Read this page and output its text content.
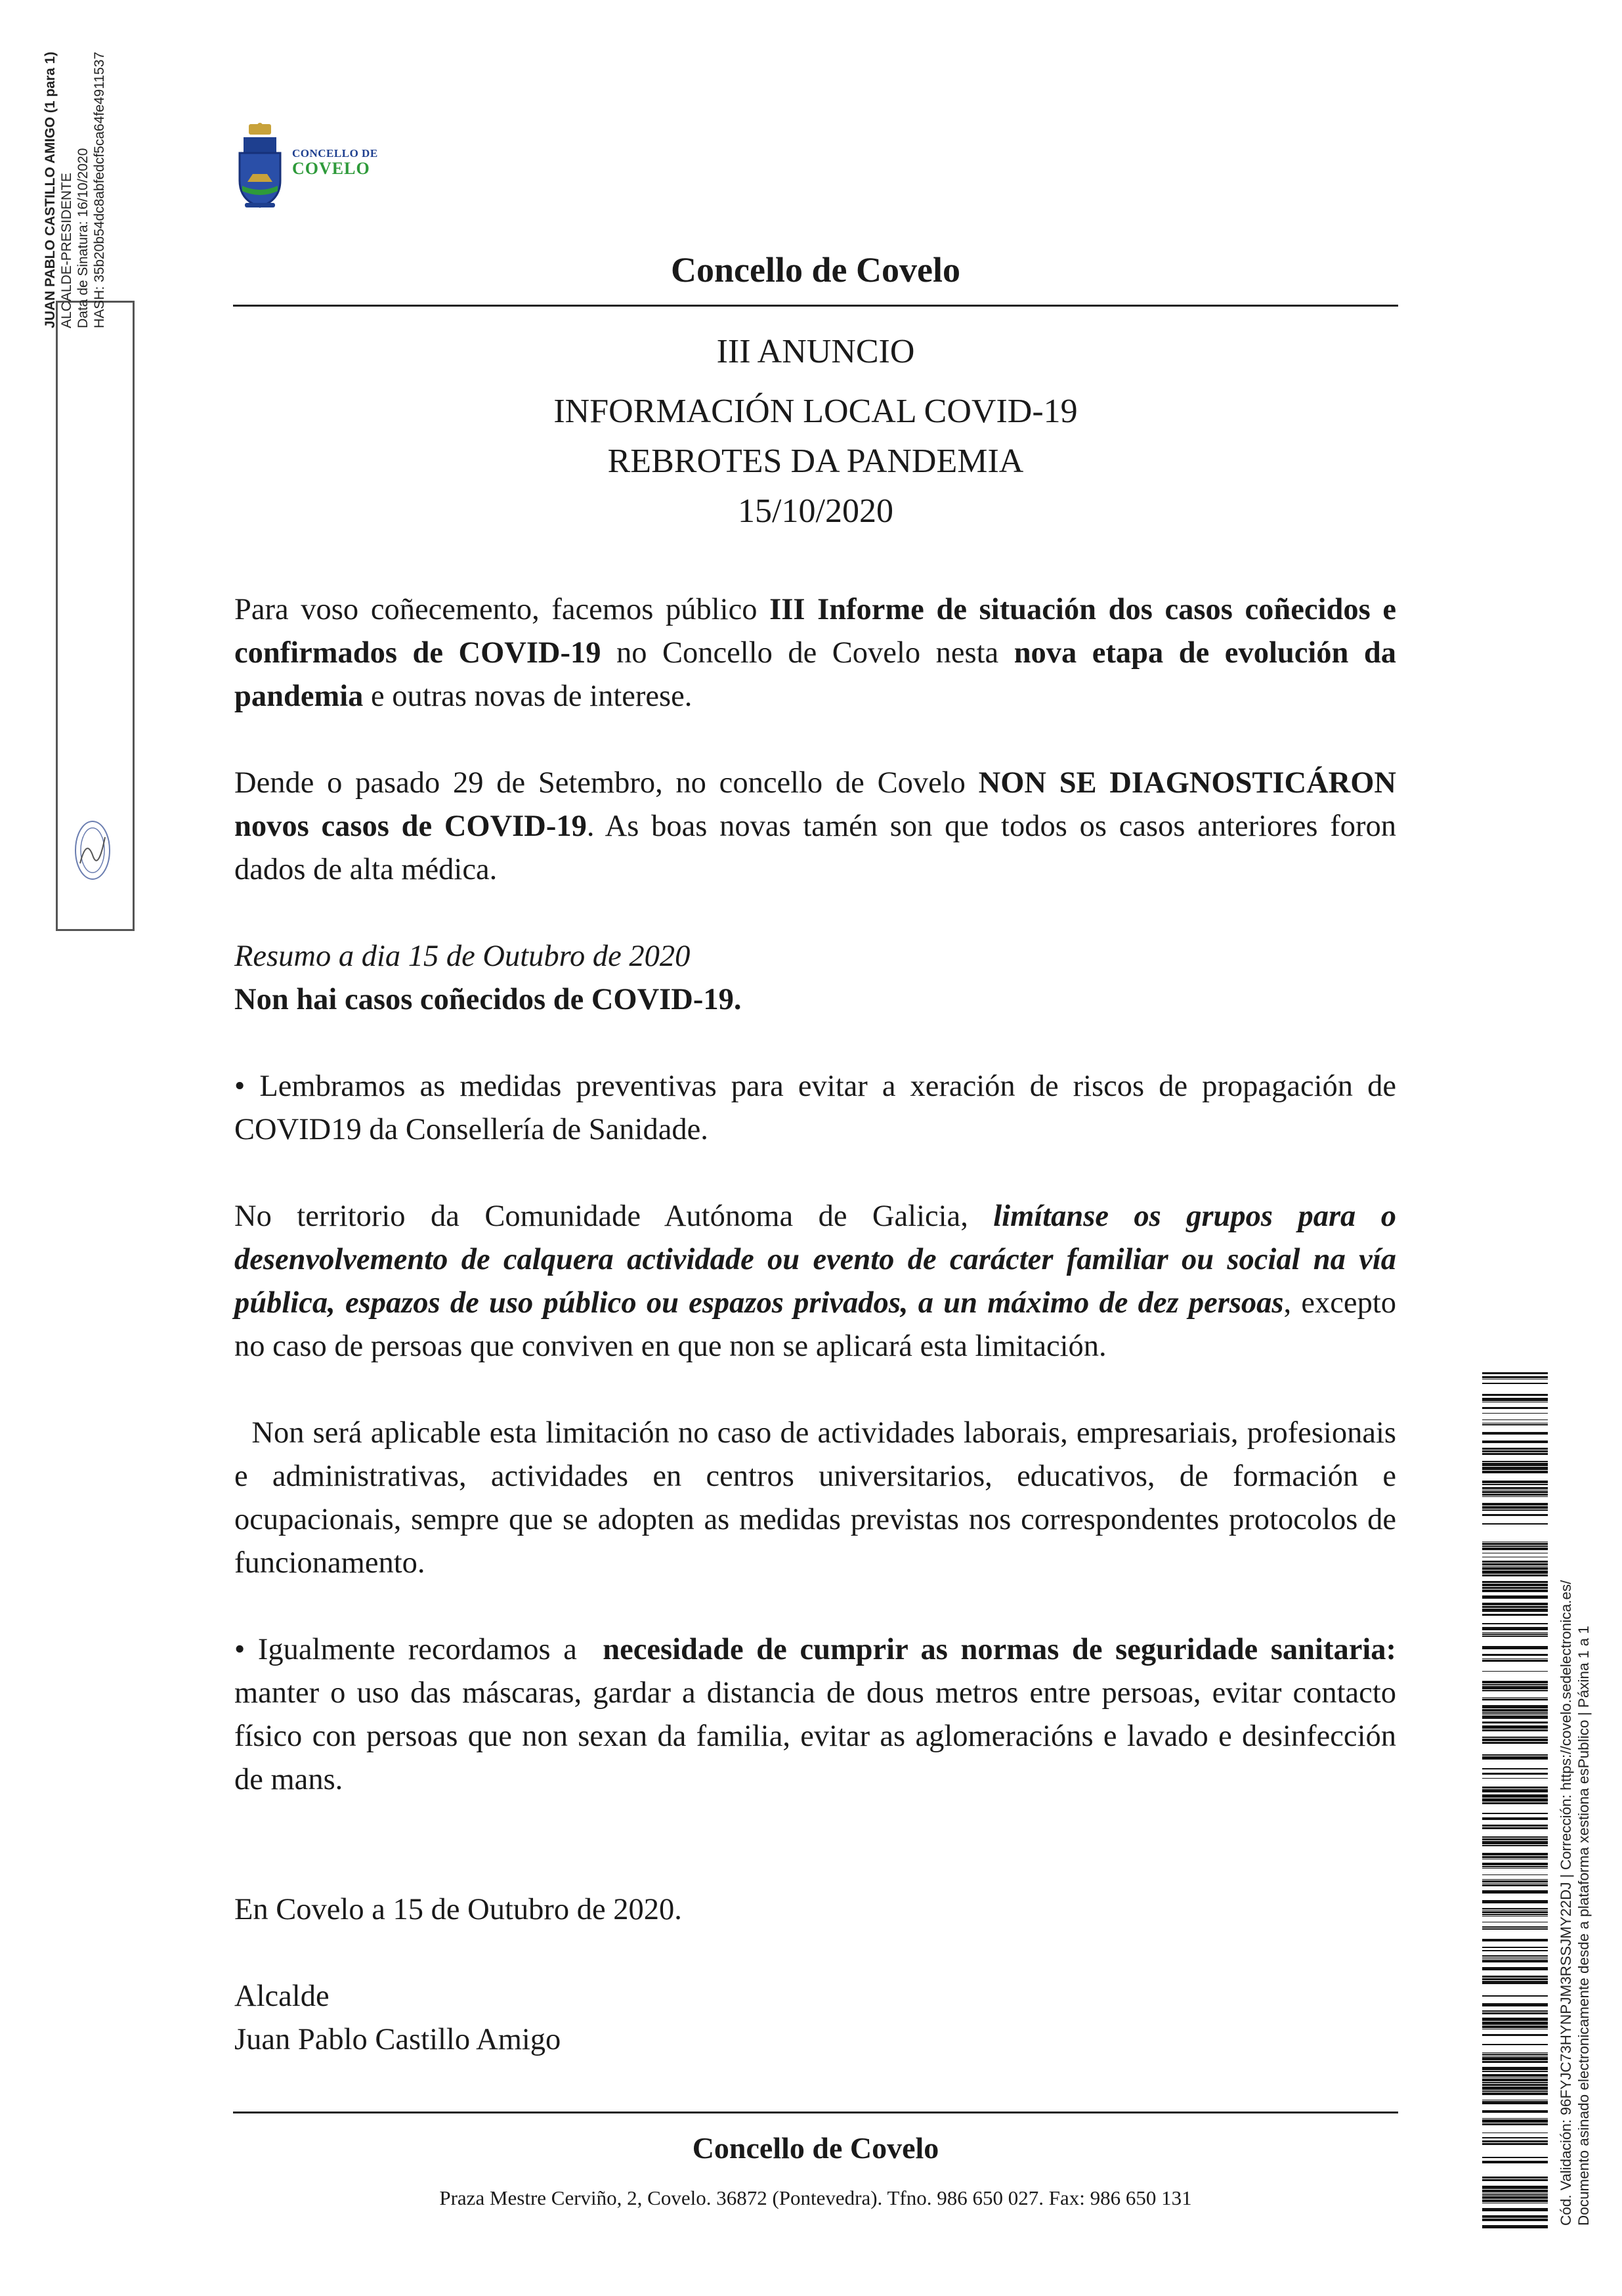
CONCELLO DE
COVELO
Concello de Covelo
III ANUNCIO
INFORMACIÓN LOCAL COVID-19
REBROTES DA PANDEMIA
15/10/2020

Para voso coñecemento, facemos público III Informe de situación dos casos coñecidos e confirmados de COVID-19 no Concello de Covelo nesta nova etapa de evolución da pandemia e outras novas de interese.

Dende o pasado 29 de Setembro, no concello de Covelo NON SE DIAGNOSTICÁRON novos casos de COVID-19. As boas novas tamén son que todos os casos anteriores foron dados de alta médica.

Resumo a dia 15 de Outubro de 2020
Non hai casos coñecidos de COVID-19.

• Lembramos as medidas preventivas para evitar a xeración de riscos de propagación de COVID19 da Consellería de Sanidade.

No territorio da Comunidade Autónoma de Galicia, limítanse os grupos para o desenvolvemento de calquera actividade ou evento de carácter familiar ou social na vía pública, espazos de uso público ou espazos privados, a un máximo de dez persoas, excepto no caso de persoas que conviven en que non se aplicará esta limitación.

Non será aplicable esta limitación no caso de actividades laborais, empresariais, profesionais e administrativas, actividades en centros universitarios, educativos, de formación e ocupacionais, sempre que se adopten as medidas previstas nos correspondentes protocolos de funcionamento.

• Igualmente recordamos a  necesidade de cumprir as normas de seguridade sanitaria: manter o uso das máscaras, gardar a distancia de dous metros entre persoas, evitar contacto físico con persoas que non sexan da familia, evitar as aglomeracións e lavado e desinfección de mans.

En Covelo a 15 de Outubro de 2020.

Alcalde

Juan Pablo Castillo Amigo

Concello de Covelo
Praza Mestre Cerviño, 2, Covelo. 36872 (Pontevedra). Tfno. 986 650 027. Fax: 986 650 131
JUAN PABLO CASTILLO AMIGO (1 para 1) ALCALDE-PRESIDENTE Data de Sinatura: 16/10/2020 HASH: 35b20b54dc8abfedcf5ca64fe4911537
Cód. Validación: 96FYJC73HYNPJM3RSSJMY22DJ | Corrección: https://covelo.sedelectronica.es/ Documento asinado electronicamente desde a plataforma xestiona esPublico | Páxina 1 a 1
